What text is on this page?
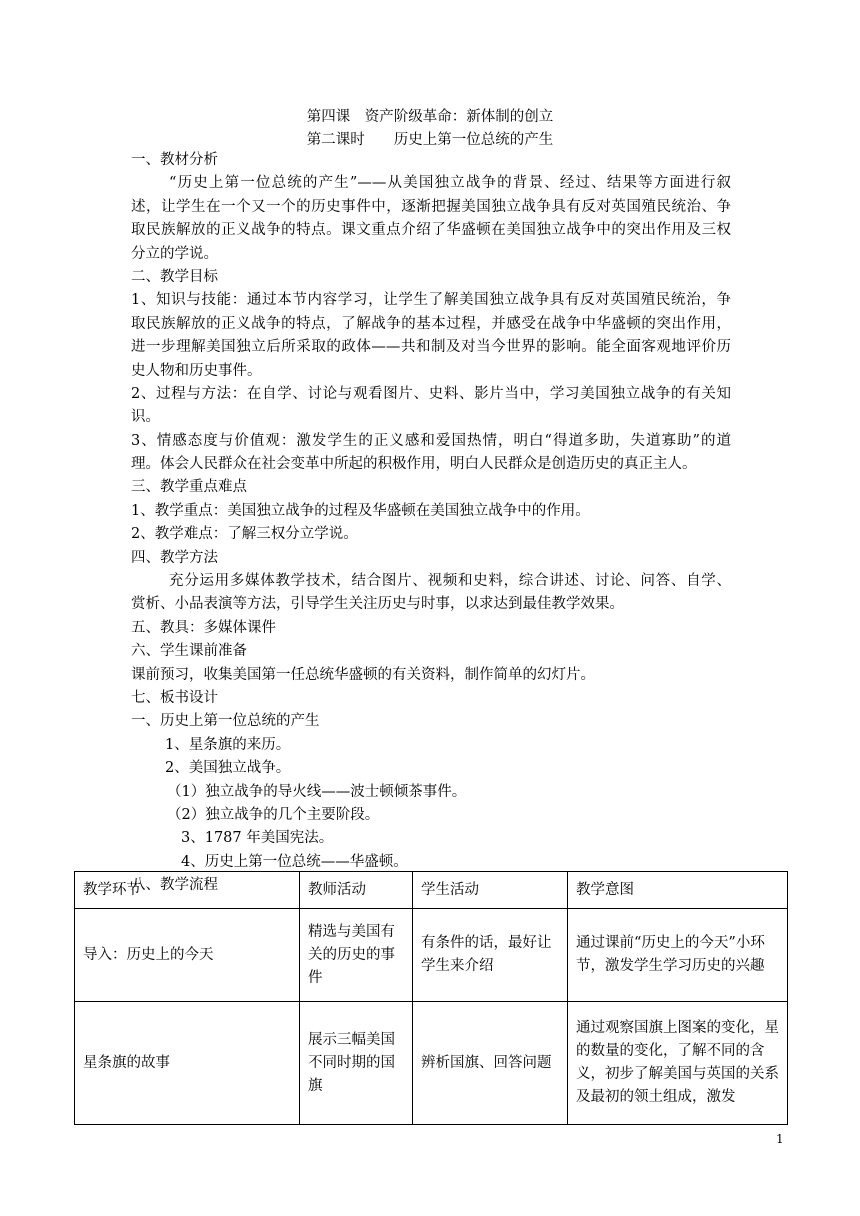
第四课　资产阶级革命：新体制的创立
第二课时　　历史上第一位总统的产生
一、教材分析
“历史上第一位总统的产生”——从美国独立战争的背景、经过、结果等方面进行叙
述，让学生在一个又一个的历史事件中，逐渐把握美国独立战争具有反对英国殖民统治、争
取民族解放的正义战争的特点。课文重点介绍了华盛顿在美国独立战争中的突出作用及三权
分立的学说。
二、教学目标
1、知识与技能：通过本节内容学习，让学生了解美国独立战争具有反对英国殖民统治，争
取民族解放的正义战争的特点，了解战争的基本过程，并感受在战争中华盛顿的突出作用，
进一步理解美国独立后所采取的政体——共和制及对当今世界的影响。能全面客观地评价历
史人物和历史事件。
2、过程与方法：在自学、讨论与观看图片、史料、影片当中，学习美国独立战争的有关知
识。
3、情感态度与价值观：激发学生的正义感和爱国热情，明白“得道多助，失道寡助”的道
理。体会人民群众在社会变革中所起的积极作用，明白人民群众是创造历史的真正主人。
三、教学重点难点
1、教学重点：美国独立战争的过程及华盛顿在美国独立战争中的作用。
2、教学难点：了解三权分立学说。
四、教学方法
充分运用多媒体教学技术，结合图片、视频和史料，综合讲述、讨论、问答、自学、
赏析、小品表演等方法，引导学生关注历史与时事，以求达到最佳教学效果。
五、教具：多媒体课件
六、学生课前准备
课前预习，收集美国第一任总统华盛顿的有关资料，制作简单的幻灯片。
七、板书设计
一、历史上第一位总统的产生
1、星条旗的来历。
2、美国独立战争。
（1）独立战争的导火线——波士顿倾茶事件。
（2）独立战争的几个主要阶段。
3、1787 年美国宪法。
4、历史上第一位总统——华盛顿。
八、教学流程
教学环节	教师活动	学生活动	教学意图
导入：历史上的今天	精选与美国有关的历史的事件	有条件的话，最好让学生来介绍	通过课前“历史上的今天”小环节，激发学生学习历史的兴趣
星条旗的故事	展示三幅美国不同时期的国旗	辨析国旗、回答问题	通过观察国旗上图案的变化，星的数量的变化，了解不同的含义，初步了解美国与英国的关系及最初的领土组成，激发
1
